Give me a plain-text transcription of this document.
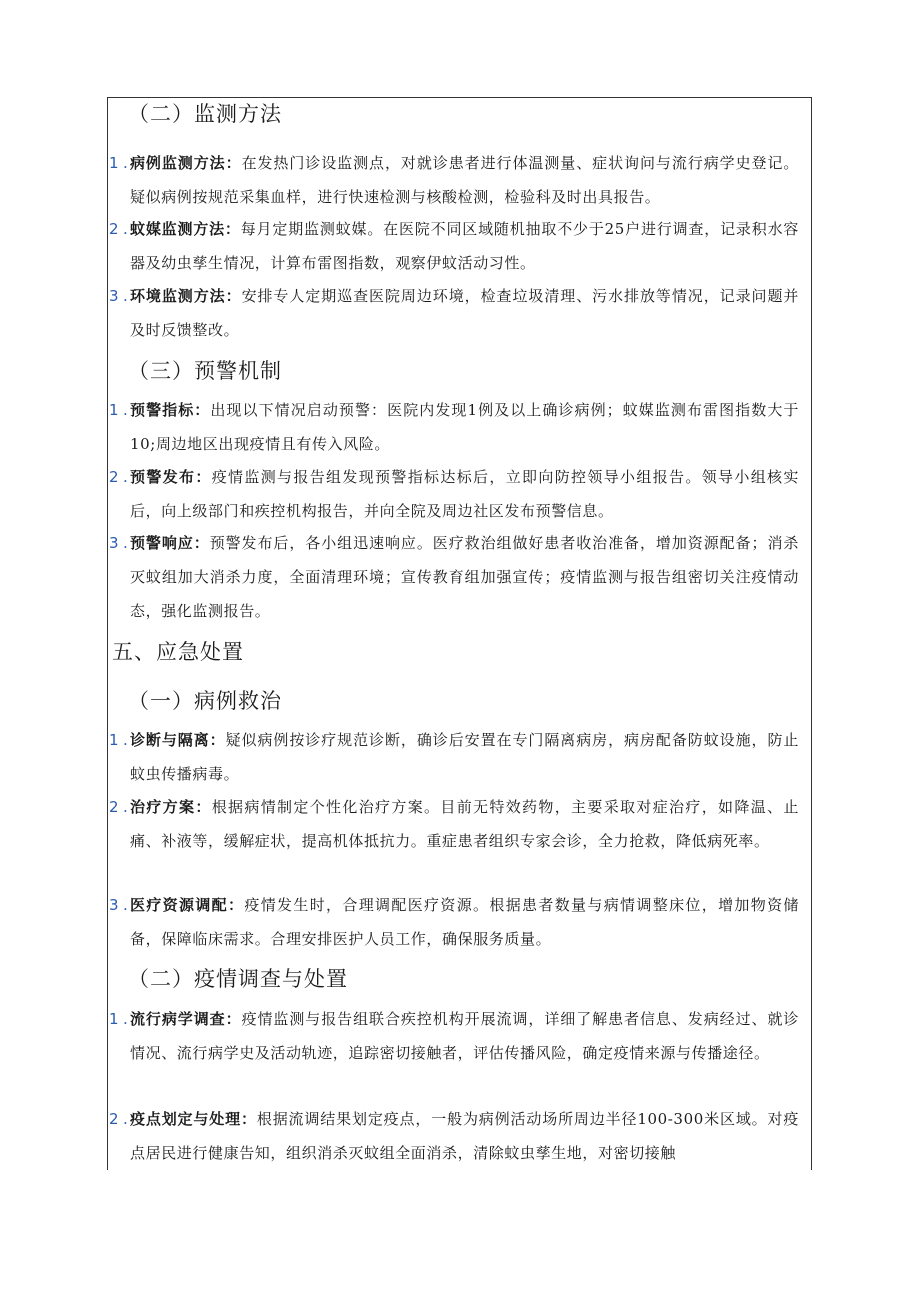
（二）监测方法
1 . 病例监测方法：在发热门诊设监测点，对就诊患者进行体温测量、症状询问与流行病学史登记。疑似病例按规范采集血样，进行快速检测与核酸检测，检验科及时出具报告。
2 . 蚊媒监测方法：每月定期监测蚊媒。在医院不同区域随机抽取不少于25户进行调查，记录积水容器及幼虫孳生情况，计算布雷图指数，观察伊蚊活动习性。
3 . 环境监测方法：安排专人定期巡查医院周边环境，检查垃圾清理、污水排放等情况，记录问题并及时反馈整改。
（三）预警机制
1 . 预警指标：出现以下情况启动预警：医院内发现1例及以上确诊病例；蚊媒监测布雷图指数大于10;周边地区出现疫情且有传入风险。
2 . 预警发布：疫情监测与报告组发现预警指标达标后，立即向防控领导小组报告。领导小组核实后，向上级部门和疾控机构报告，并向全院及周边社区发布预警信息。
3 . 预警响应：预警发布后，各小组迅速响应。医疗救治组做好患者收治准备，增加资源配备；消杀灭蚊组加大消杀力度，全面清理环境；宣传教育组加强宣传；疫情监测与报告组密切关注疫情动态，强化监测报告。
五、应急处置
（一）病例救治
1 . 诊断与隔离：疑似病例按诊疗规范诊断，确诊后安置在专门隔离病房，病房配备防蚊设施，防止蚊虫传播病毒。
2 . 治疗方案：根据病情制定个性化治疗方案。目前无特效药物，主要采取对症治疗，如降温、止痛、补液等，缓解症状，提高机体抵抗力。重症患者组织专家会诊，全力抢救，降低病死率。
3 . 医疗资源调配：疫情发生时，合理调配医疗资源。根据患者数量与病情调整床位，增加物资储备，保障临床需求。合理安排医护人员工作，确保服务质量。
（二）疫情调查与处置
1 . 流行病学调查：疫情监测与报告组联合疾控机构开展流调，详细了解患者信息、发病经过、就诊情况、流行病学史及活动轨迹，追踪密切接触者，评估传播风险，确定疫情来源与传播途径。
2 . 疫点划定与处理：根据流调结果划定疫点，一般为病例活动场所周边半径100-300米区域。对疫点居民进行健康告知，组织消杀灭蚊组全面消杀，清除蚊虫孳生地，对密切接触
